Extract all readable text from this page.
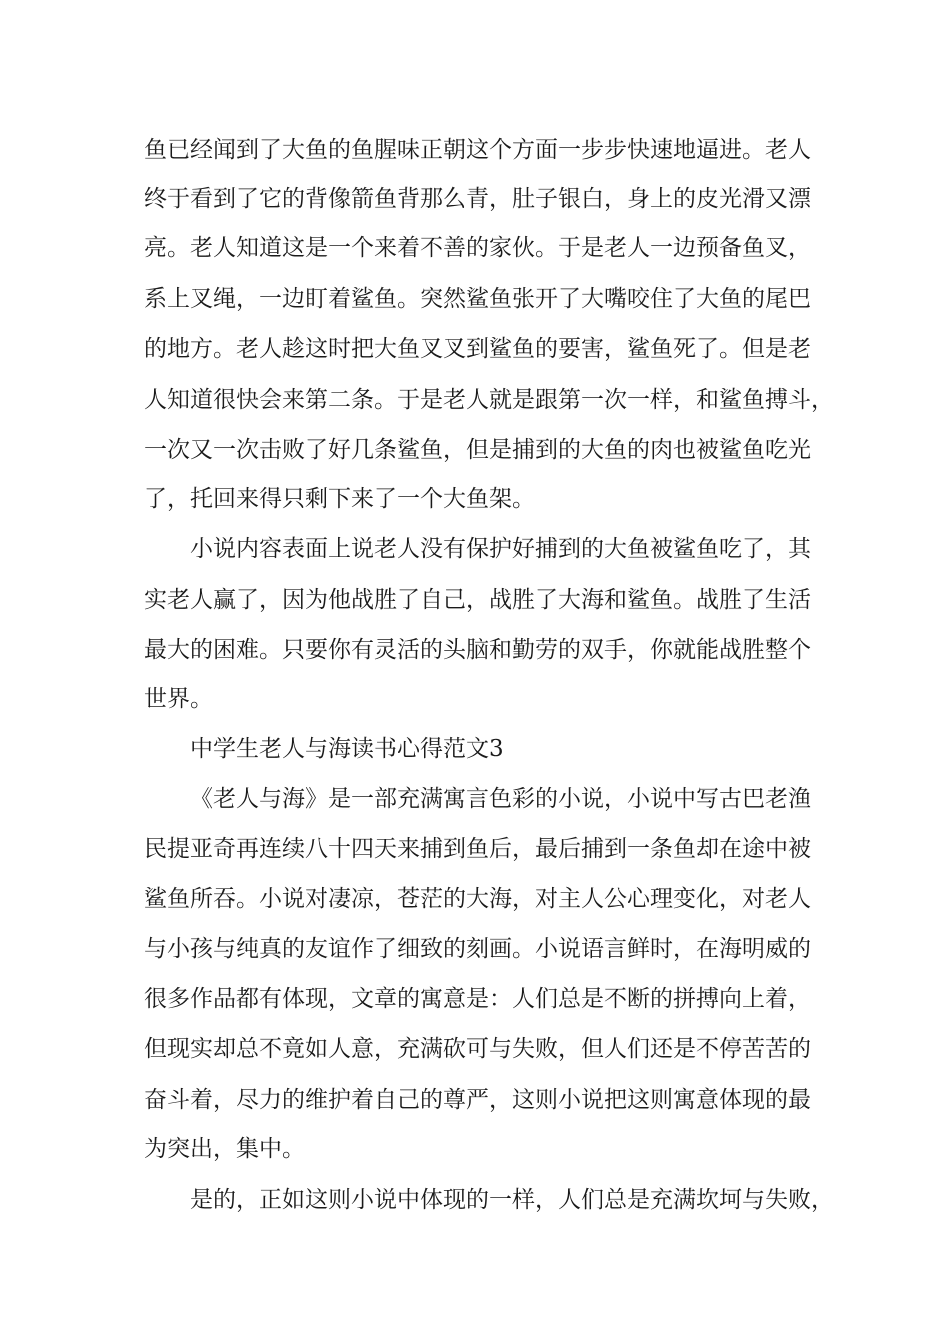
鱼已经闻到了大鱼的鱼腥味正朝这个方面一步步快速地逼进。老人
终于看到了它的背像箭鱼背那么青，肚子银白，身上的皮光滑又漂
亮。老人知道这是一个来着不善的家伙。于是老人一边预备鱼叉，
系上叉绳，一边盯着鲨鱼。突然鲨鱼张开了大嘴咬住了大鱼的尾巴
的地方。老人趁这时把大鱼叉叉到鲨鱼的要害，鲨鱼死了。但是老
人知道很快会来第二条。于是老人就是跟第一次一样，和鲨鱼搏斗，
一次又一次击败了好几条鲨鱼，但是捕到的大鱼的肉也被鲨鱼吃光
了，托回来得只剩下来了一个大鱼架。
小说内容表面上说老人没有保护好捕到的大鱼被鲨鱼吃了，其
实老人赢了，因为他战胜了自己，战胜了大海和鲨鱼。战胜了生活
最大的困难。只要你有灵活的头脑和勤劳的双手，你就能战胜整个
世界。
中学生老人与海读书心得范文3
《老人与海》是一部充满寓言色彩的小说，小说中写古巴老渔
民提亚奇再连续八十四天来捕到鱼后，最后捕到一条鱼却在途中被
鲨鱼所吞。小说对凄凉，苍茫的大海，对主人公心理变化，对老人
与小孩与纯真的友谊作了细致的刻画。小说语言鲜时，在海明威的
很多作品都有体现，文章的寓意是：人们总是不断的拼搏向上着，
但现实却总不竟如人意，充满砍可与失败，但人们还是不停苦苦的
奋斗着，尽力的维护着自己的尊严，这则小说把这则寓意体现的最
为突出，集中。
是的，正如这则小说中体现的一样，人们总是充满坎坷与失败，
